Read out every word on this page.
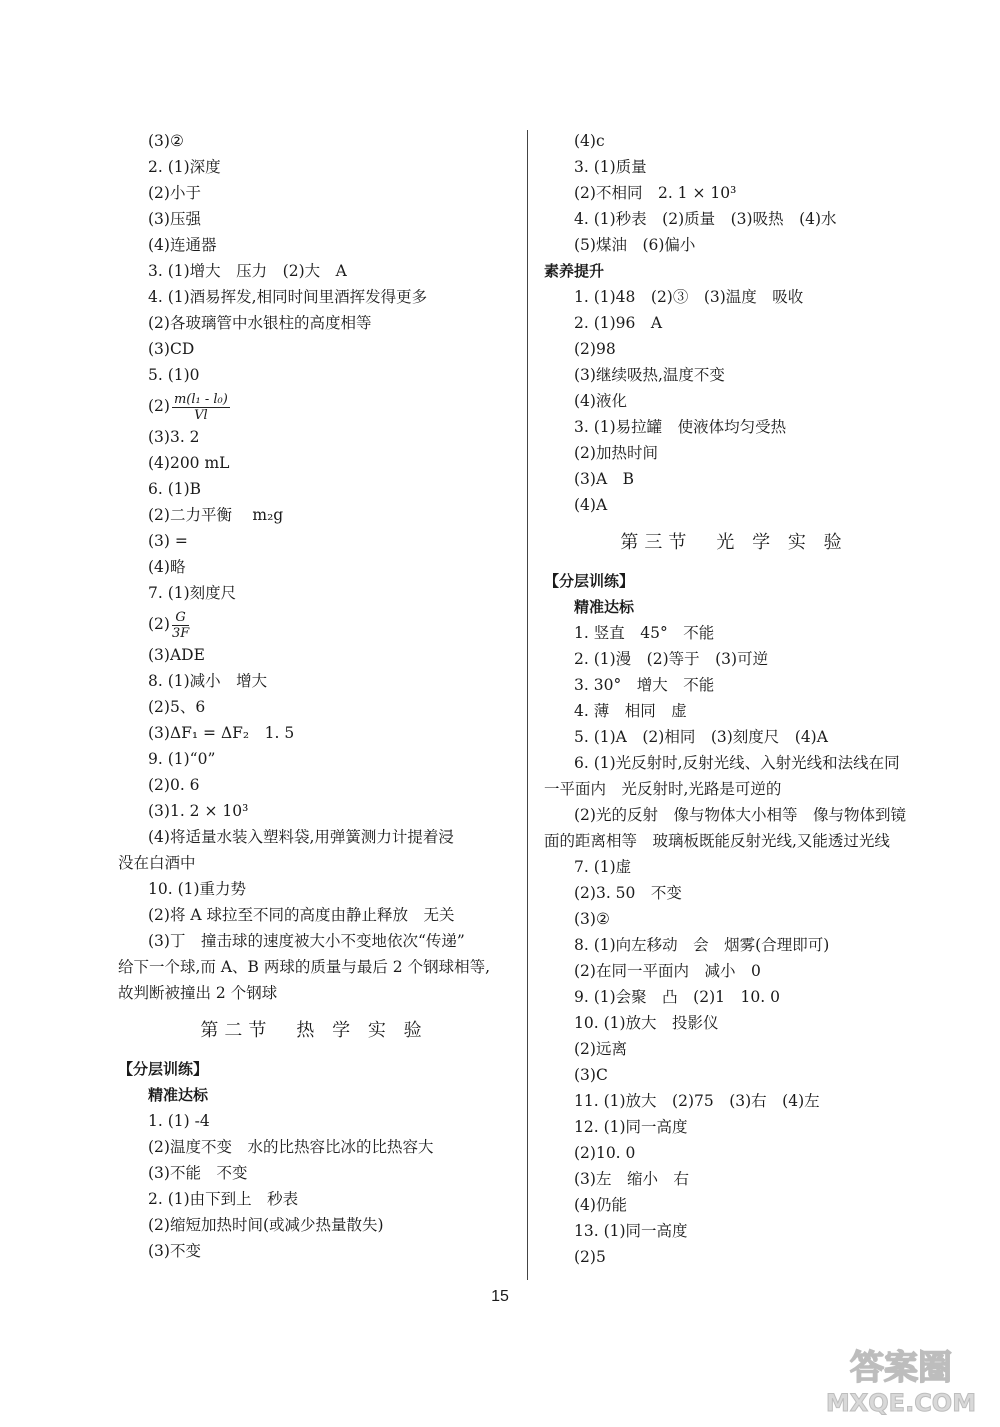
(3)②
2. (1)深度
(2)小于
(3)压强
(4)连通器
3. (1)增大　压力　(2)大　A
4. (1)酒易挥发,相同时间里酒挥发得更多
(2)各玻璃管中水银柱的高度相等
(3)CD
5. (1)0
$(2) \frac{\text{m(l₁ - l₀)}}{Vl}$
(3)3. 2
(4)200 mL
6. (1)B
(2)二力平衡　 m₂g
(3) =
(4)略
7. (1)刻度尺
$(2) \frac{G}{3F}$
(3)ADE
8. (1)减小　增大
(2)5、6
(3)ΔF₁ = ΔF₂　1. 5
9. (1)“0”
(2)0. 6
(3)1. 2 × 10³
(4)将适量水装入塑料袋,用弹簧测力计提着浸
没在白酒中
10. (1)重力势
(2)将 A 球拉至不同的高度由静止释放　无关
(3)丁　撞击球的速度被大小不变地依次“传递”
给下一个球,而 A、B 两球的质量与最后 2 个钢球相等,
故判断被撞出 2 个钢球
第二节　热 学 实 验
【分层训练】
精准达标
1. (1) -4
(2)温度不变　水的比热容比冰的比热容大
(3)不能　不变
2. (1)由下到上　秒表
(2)缩短加热时间(或减少热量散失)
(3)不变
(4)c
3. (1)质量
(2)不相同　2. 1 × 10³
4. (1)秒表　(2)质量　(3)吸热　(4)水
(5)煤油　(6)偏小
素养提升
1. (1)48　(2)③　(3)温度　吸收
2. (1)96　A
(2)98
(3)继续吸热,温度不变
(4)液化
3. (1)易拉罐　使液体均匀受热
(2)加热时间
(3)A　B
(4)A
第三节　光 学 实 验
【分层训练】
精准达标
1. 竖直　45°　不能
2. (1)漫　(2)等于　(3)可逆
3. 30°　增大　不能
4. 薄　相同　虚
5. (1)A　(2)相同　(3)刻度尺　(4)A
6. (1)光反射时,反射光线、入射光线和法线在同
一平面内　光反射时,光路是可逆的
(2)光的反射　像与物体大小相等　像与物体到镜
面的距离相等　玻璃板既能反射光线,又能透过光线
7. (1)虚
(2)3. 50　不变
(3)②
8. (1)向左移动　会　烟雾(合理即可)
(2)在同一平面内　减小　0
9. (1)会聚　凸　(2)1　10. 0
10. (1)放大　投影仪
(2)远离
(3)C
11. (1)放大　(2)75　(3)右　(4)左
12. (1)同一高度
(2)10. 0
(3)左　缩小　右
(4)仍能
13. (1)同一高度
(2)5
15
答案圈
MXQE.COM
